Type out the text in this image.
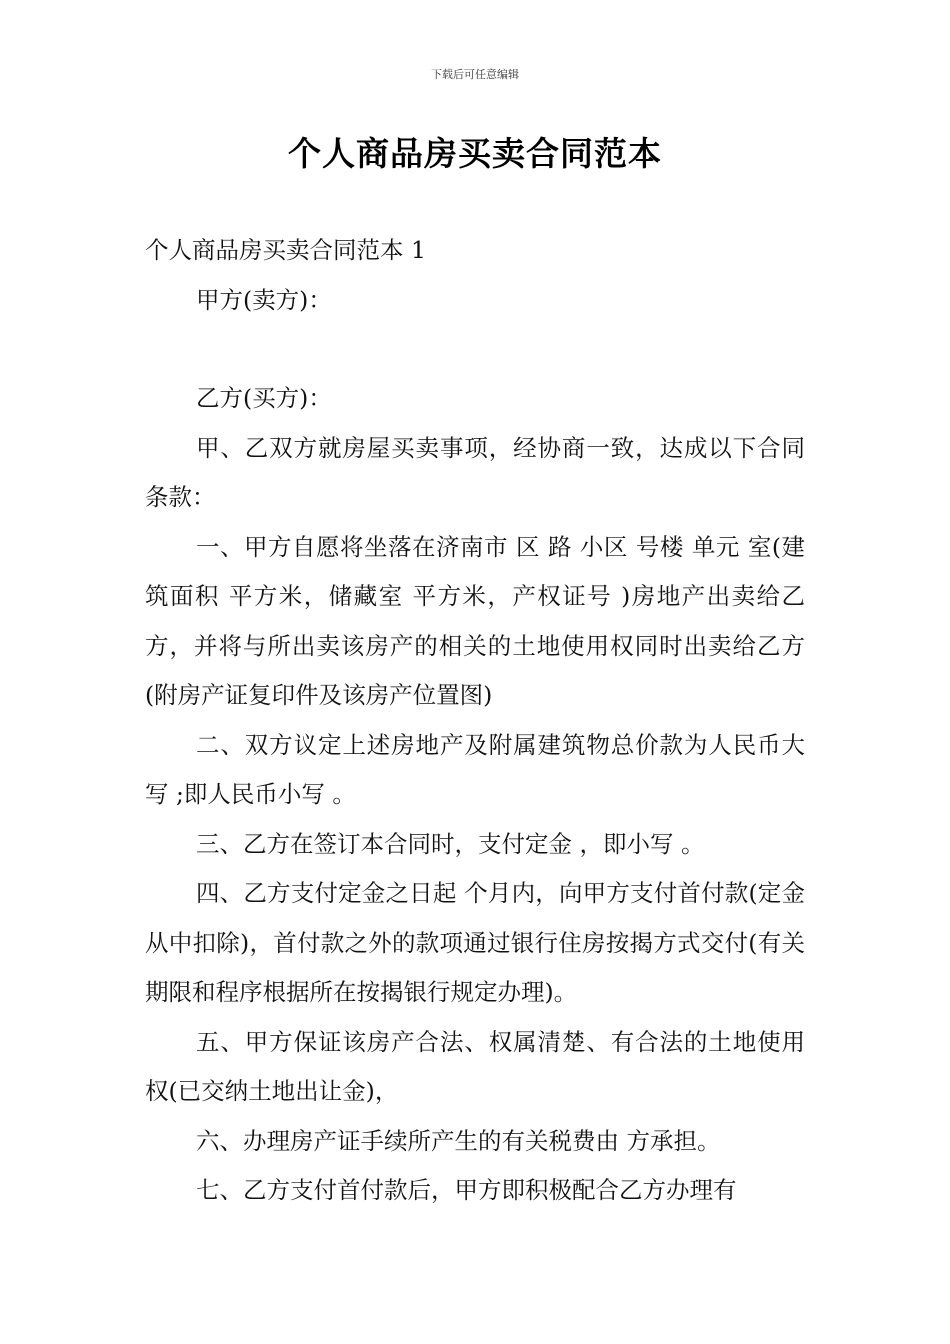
下载后可任意编辑
个人商品房买卖合同范本

个人商品房买卖合同范本 1

甲方(卖方)：

乙方(买方)：

甲、乙双方就房屋买卖事项，经协商一致，达成以下合同条款：

一、甲方自愿将坐落在济南市 区 路 小区 号楼 单元 室(建筑面积 平方米，储藏室 平方米，产权证号 )房地产出卖给乙方，并将与所出卖该房产的相关的土地使用权同时出卖给乙方(附房产证复印件及该房产位置图)

二、双方议定上述房地产及附属建筑物总价款为人民币大写 ;即人民币小写 。

三、乙方在签订本合同时，支付定金 ，即小写 。

四、乙方支付定金之日起 个月内，向甲方支付首付款(定金从中扣除)，首付款之外的款项通过银行住房按揭方式交付(有关期限和程序根据所在按揭银行规定办理)。

五、甲方保证该房产合法、权属清楚、有合法的土地使用权(已交纳土地出让金)，

六、办理房产证手续所产生的有关税费由 方承担。

七、乙方支付首付款后，甲方即积极配合乙方办理有
